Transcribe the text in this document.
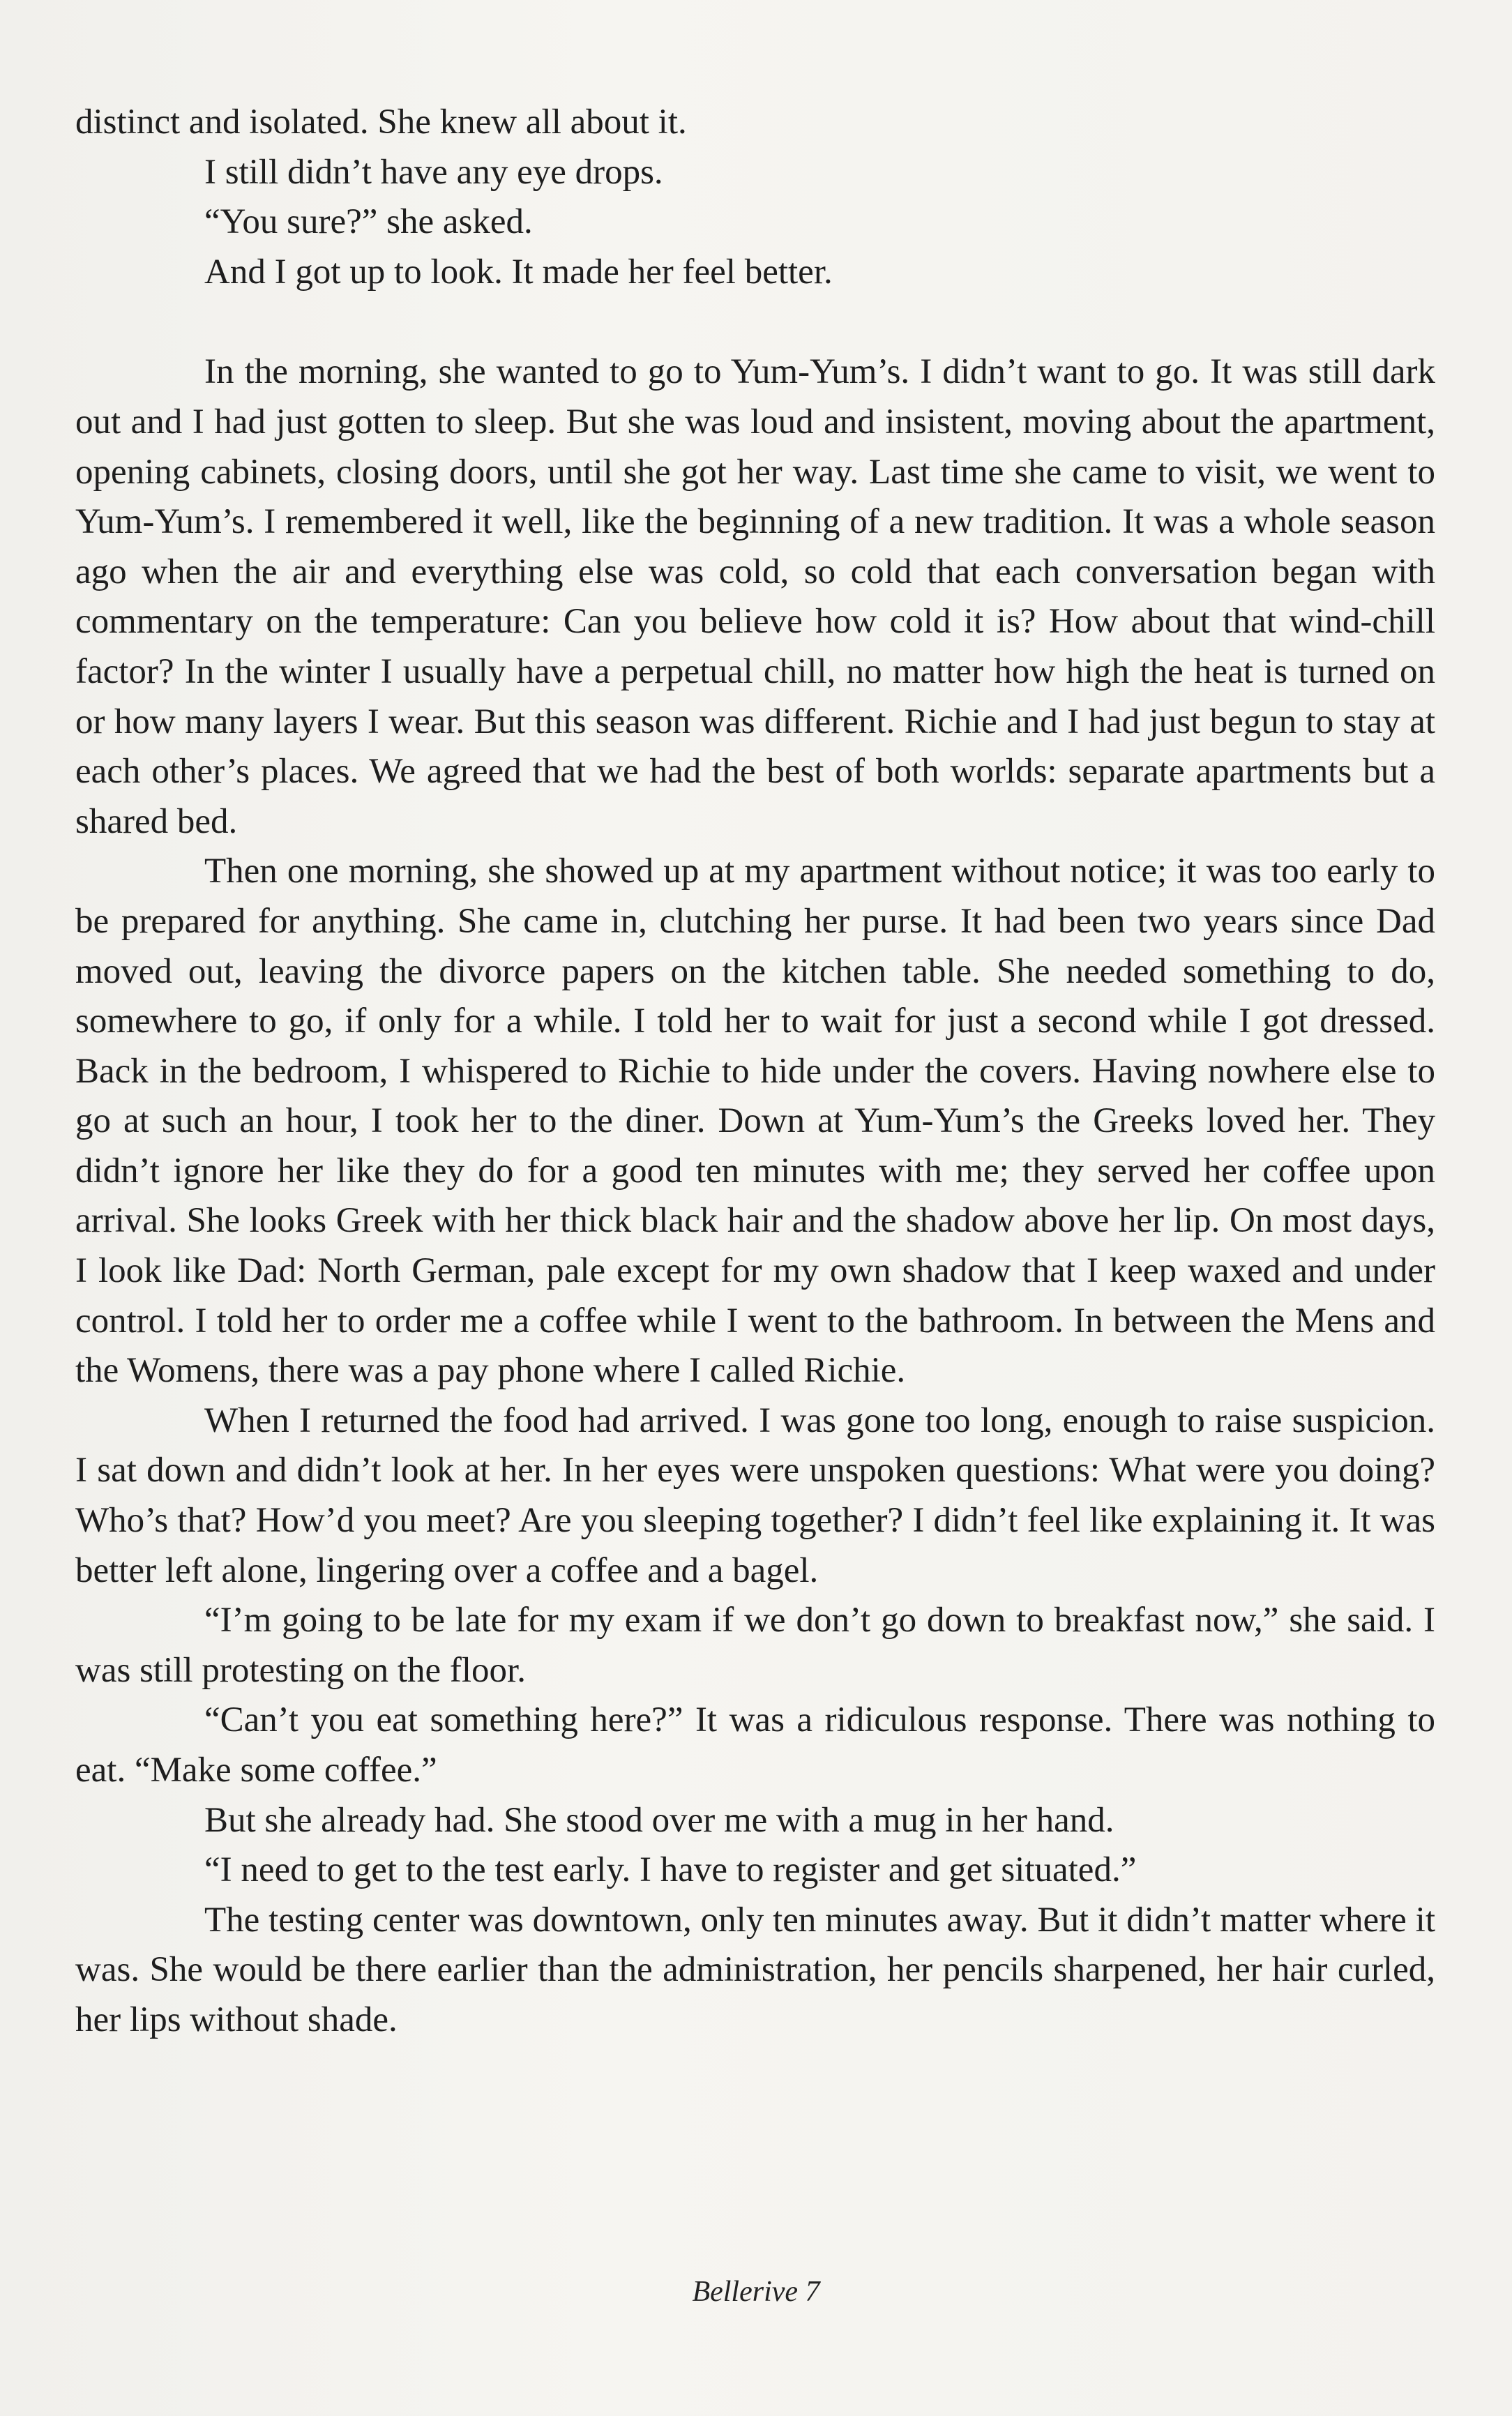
distinct and isolated. She knew all about it.

I still didn’t have any eye drops.

“You sure?” she asked.

And I got up to look. It made her feel better.

In the morning, she wanted to go to Yum-Yum’s. I didn’t want to go. It was still dark out and I had just gotten to sleep. But she was loud and insistent, moving about the apartment, opening cabinets, closing doors, until she got her way. Last time she came to visit, we went to Yum-Yum’s. I remembered it well, like the beginning of a new tradition. It was a whole season ago when the air and everything else was cold, so cold that each conversation began with commentary on the temperature: Can you believe how cold it is? How about that wind-chill factor? In the winter I usually have a perpetual chill, no matter how high the heat is turned on or how many layers I wear. But this season was different. Richie and I had just begun to stay at each other’s places. We agreed that we had the best of both worlds: separate apartments but a shared bed.

Then one morning, she showed up at my apartment without notice; it was too early to be prepared for anything. She came in, clutching her purse. It had been two years since Dad moved out, leaving the divorce papers on the kitchen table. She needed something to do, somewhere to go, if only for a while. I told her to wait for just a second while I got dressed. Back in the bedroom, I whispered to Richie to hide under the covers. Having nowhere else to go at such an hour, I took her to the diner. Down at Yum-Yum’s the Greeks loved her. They didn’t ignore her like they do for a good ten minutes with me; they served her coffee upon arrival. She looks Greek with her thick black hair and the shadow above her lip. On most days, I look like Dad: North German, pale except for my own shadow that I keep waxed and under control. I told her to order me a coffee while I went to the bathroom. In between the Mens and the Womens, there was a pay phone where I called Richie.

When I returned the food had arrived. I was gone too long, enough to raise suspicion. I sat down and didn’t look at her. In her eyes were unspoken questions: What were you doing? Who’s that? How’d you meet? Are you sleeping together? I didn’t feel like explaining it. It was better left alone, lingering over a coffee and a bagel.

“I’m going to be late for my exam if we don’t go down to breakfast now,” she said. I was still protesting on the floor.

“Can’t you eat something here?” It was a ridiculous response. There was nothing to eat. “Make some coffee.”

But she already had. She stood over me with a mug in her hand.

“I need to get to the test early. I have to register and get situated.”

The testing center was downtown, only ten minutes away. But it didn’t matter where it was. She would be there earlier than the administration, her pencils sharpened, her hair curled, her lips without shade.

Bellerive 7
